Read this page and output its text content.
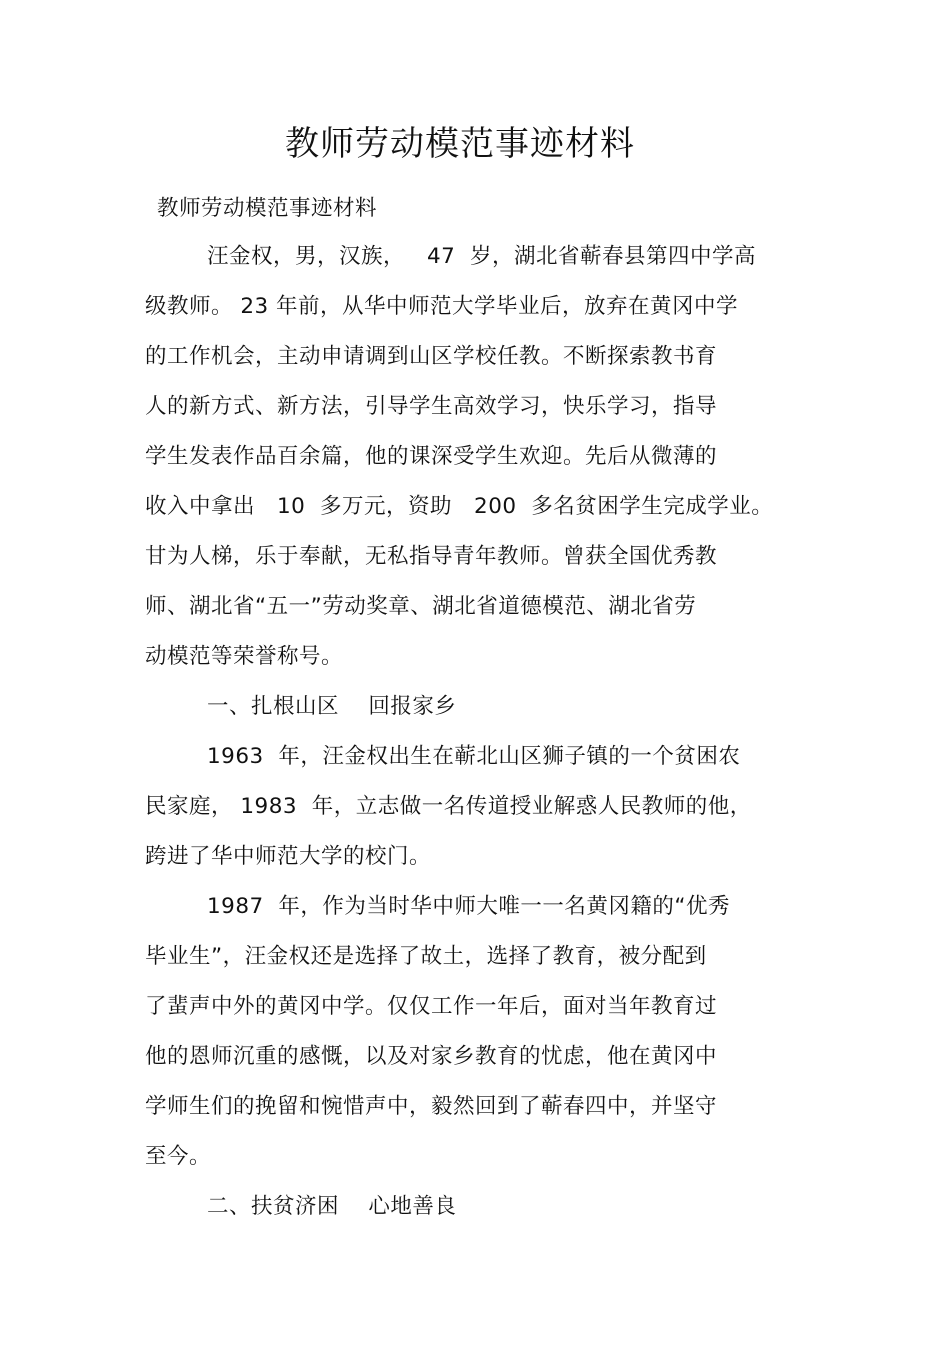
教师劳动模范事迹材料
教师劳动模范事迹材料
汪金权，男，汉族，   47  岁，湖北省蕲春县第四中学高
级教师。 23 年前，从华中师范大学毕业后，放弃在黄冈中学
的工作机会，主动申请调到山区学校任教。不断探索教书育
人的新方式、新方法，引导学生高效学习，快乐学习，指导
学生发表作品百余篇，他的课深受学生欢迎。先后从微薄的
收入中拿出   10  多万元，资助   200  多名贫困学生完成学业。
甘为人梯，乐于奉献，无私指导青年教师。曾获全国优秀教
师、湖北省“五一”劳动奖章、湖北省道德模范、湖北省劳
动模范等荣誉称号。
一、扎根山区    回报家乡
1963  年，汪金权出生在蕲北山区狮子镇的一个贫困农
民家庭， 1983  年，立志做一名传道授业解惑人民教师的他，
跨进了华中师范大学的校门。
1987  年，作为当时华中师大唯一一名黄冈籍的“优秀
毕业生”，汪金权还是选择了故土，选择了教育，被分配到
了蜚声中外的黄冈中学。仅仅工作一年后，面对当年教育过
他的恩师沉重的感慨，以及对家乡教育的忧虑，他在黄冈中
学师生们的挽留和惋惜声中，毅然回到了蕲春四中，并坚守
至今。
二、扶贫济困    心地善良
